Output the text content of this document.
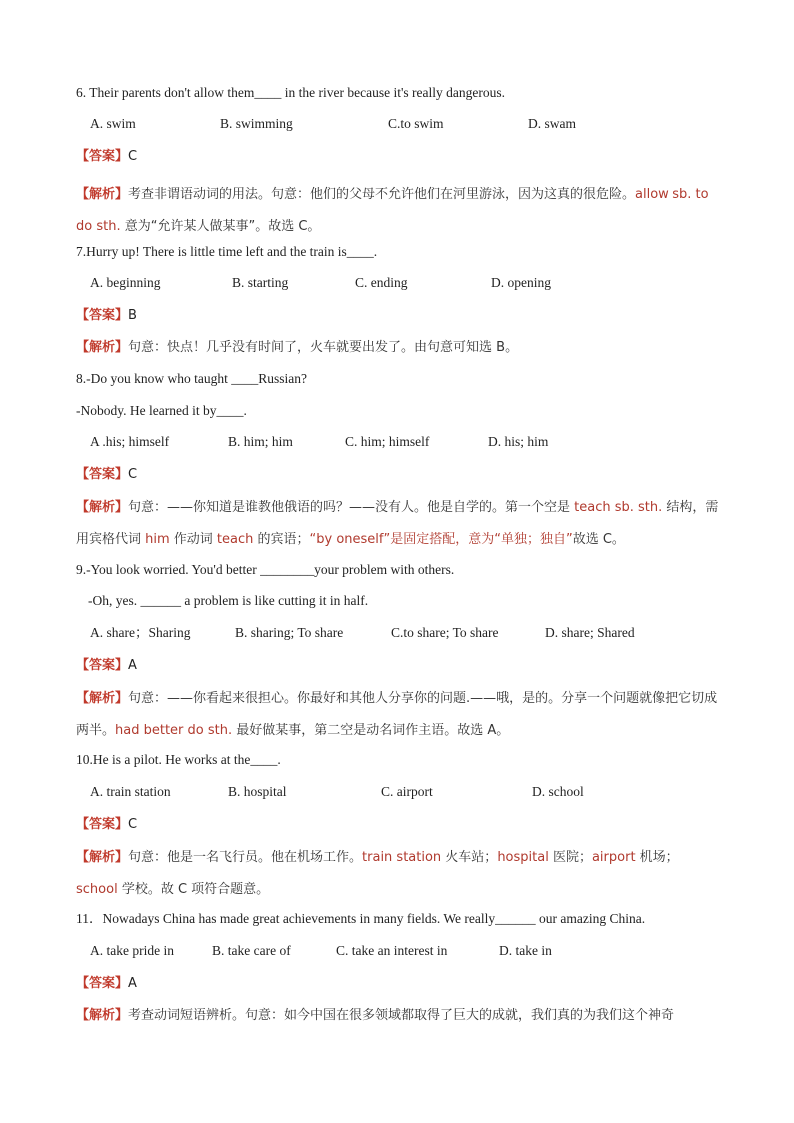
6. Their parents don't allow them____ in the river because it's really dangerous.
A. swim	B. swimming	C.to swim	D. swam
【答案】C
【解析】考查非谓语动词的用法。句意：他们的父母不允许他们在河里游泳，因为这真的很危险。allow sb. to do sth. 意为“允许某人做某事”。故选 C。
7.Hurry up! There is little time left and the train is____.
A. beginning	B. starting	C. ending	D. opening
【答案】B
【解析】句意：快点！几乎没有时间了，火车就要出发了。由句意可知选 B。
8.-Do you know who taught ____Russian?
-Nobody. He learned it by____.
A .his; himself	B. him; him	C. him; himself	D. his; him
【答案】C
【解析】句意：——你知道是谁教他俄语的吗？——没有人。他是自学的。第一个空是 teach sb. sth. 结构，需用宾格代词 him 作动词 teach 的宾语；“by oneself”是固定搭配，意为“单独；独自”故选 C。
9.-You look worried. You'd better ________your problem with others.
-Oh, yes. ______ a problem is like cutting it in half.
A. share；Sharing	B. sharing; To share	C.to share; To share	D. share; Shared
【答案】A
【解析】句意：——你看起来很担心。你最好和其他人分享你的问题.——哦，是的。分享一个问题就像把它切成两半。had better do sth. 最好做某事，第二空是动名词作主语。故选 A。
10.He is a pilot. He works at the____.
A. train station	B. hospital	C. airport	D. school
【答案】C
【解析】句意：他是一名飞行员。他在机场工作。train station 火车站；hospital 医院；airport 机场；school 学校。故 C 项符合题意。
11．Nowadays China has made great achievements in many fields. We really______ our amazing China.
A. take pride in	B. take care of	C. take an interest in	D. take in
【答案】A
【解析】考查动词短语辨析。句意：如今中国在很多领域都取得了巨大的成就，我们真的为我们这个神奇
